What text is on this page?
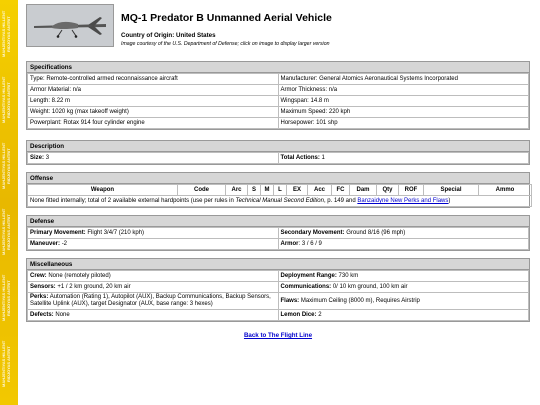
MAHJENTIYAS HILLENT RIDJOYAS ANTRIT
MAHJENTIYAS HILLENT RIDJOYAS ANTRIT
MAHJENTIYAS HILLENT RIDJOYAS ANTRIT
MAHJENTIYAS HILLENT RIDJOYAS ANTRIT
MAHJENTIYAS HILLENT RIDJOYAS ANTRIT
MAHJENTIYAS HILLENT RIDJOYAS ANTRIT
MQ-1 Predator B Unmanned Aerial Vehicle
Country of Origin: United States
Image courtesy of the U.S. Department of Defense; click on image to display larger version
Specifications
Type: Remote-controlled armed reconnaissance aircraft	Manufacturer: General Atomics Aeronautical Systems Incorporated
Armor Material: n/a	Armor Thickness: n/a
Length: 8.22 m	Wingspan: 14.8 m
Weight: 1020 kg (max takeoff weight)	Maximum Speed: 220 kph
Powerplant: Rotax 914 four cylinder engine	Horsepower: 101 shp
Description
Size: 3	Total Actions: 1
Offense
Weapon	Code	Arc	S	M	L	EX	Acc	FC	Dam	Qty	ROF	Special	Ammo
None fitted internally; total of 2 available external hardpoints (use per rules in Technical Manual Second Edition, p. 149 and Banzaidyne New Perks and Flaws)
Defense
Primary Movement: Flight 3/4/7 (210 kph)	Secondary Movement: Ground 8/16 (96 mph)
Maneuver: -2	Armor: 3 / 6 / 9
Miscellaneous
Crew: None (remotely piloted)	Deployment Range: 730 km
Sensors: +1 / 2 km ground, 20 km air	Communications: 0/ 10 km ground, 100 km air
Perks: Automation (Rating 1), Autopilot (AUX), Backup Communications, Backup Sensors, Satellite Uplink (AUX), target Designator (AUX, base range: 3 hexes)	Flaws: Maximum Ceiling (8000 m), Requires Airstrip
Defects: None	Lemon Dice: 2
Back to The Flight Line
